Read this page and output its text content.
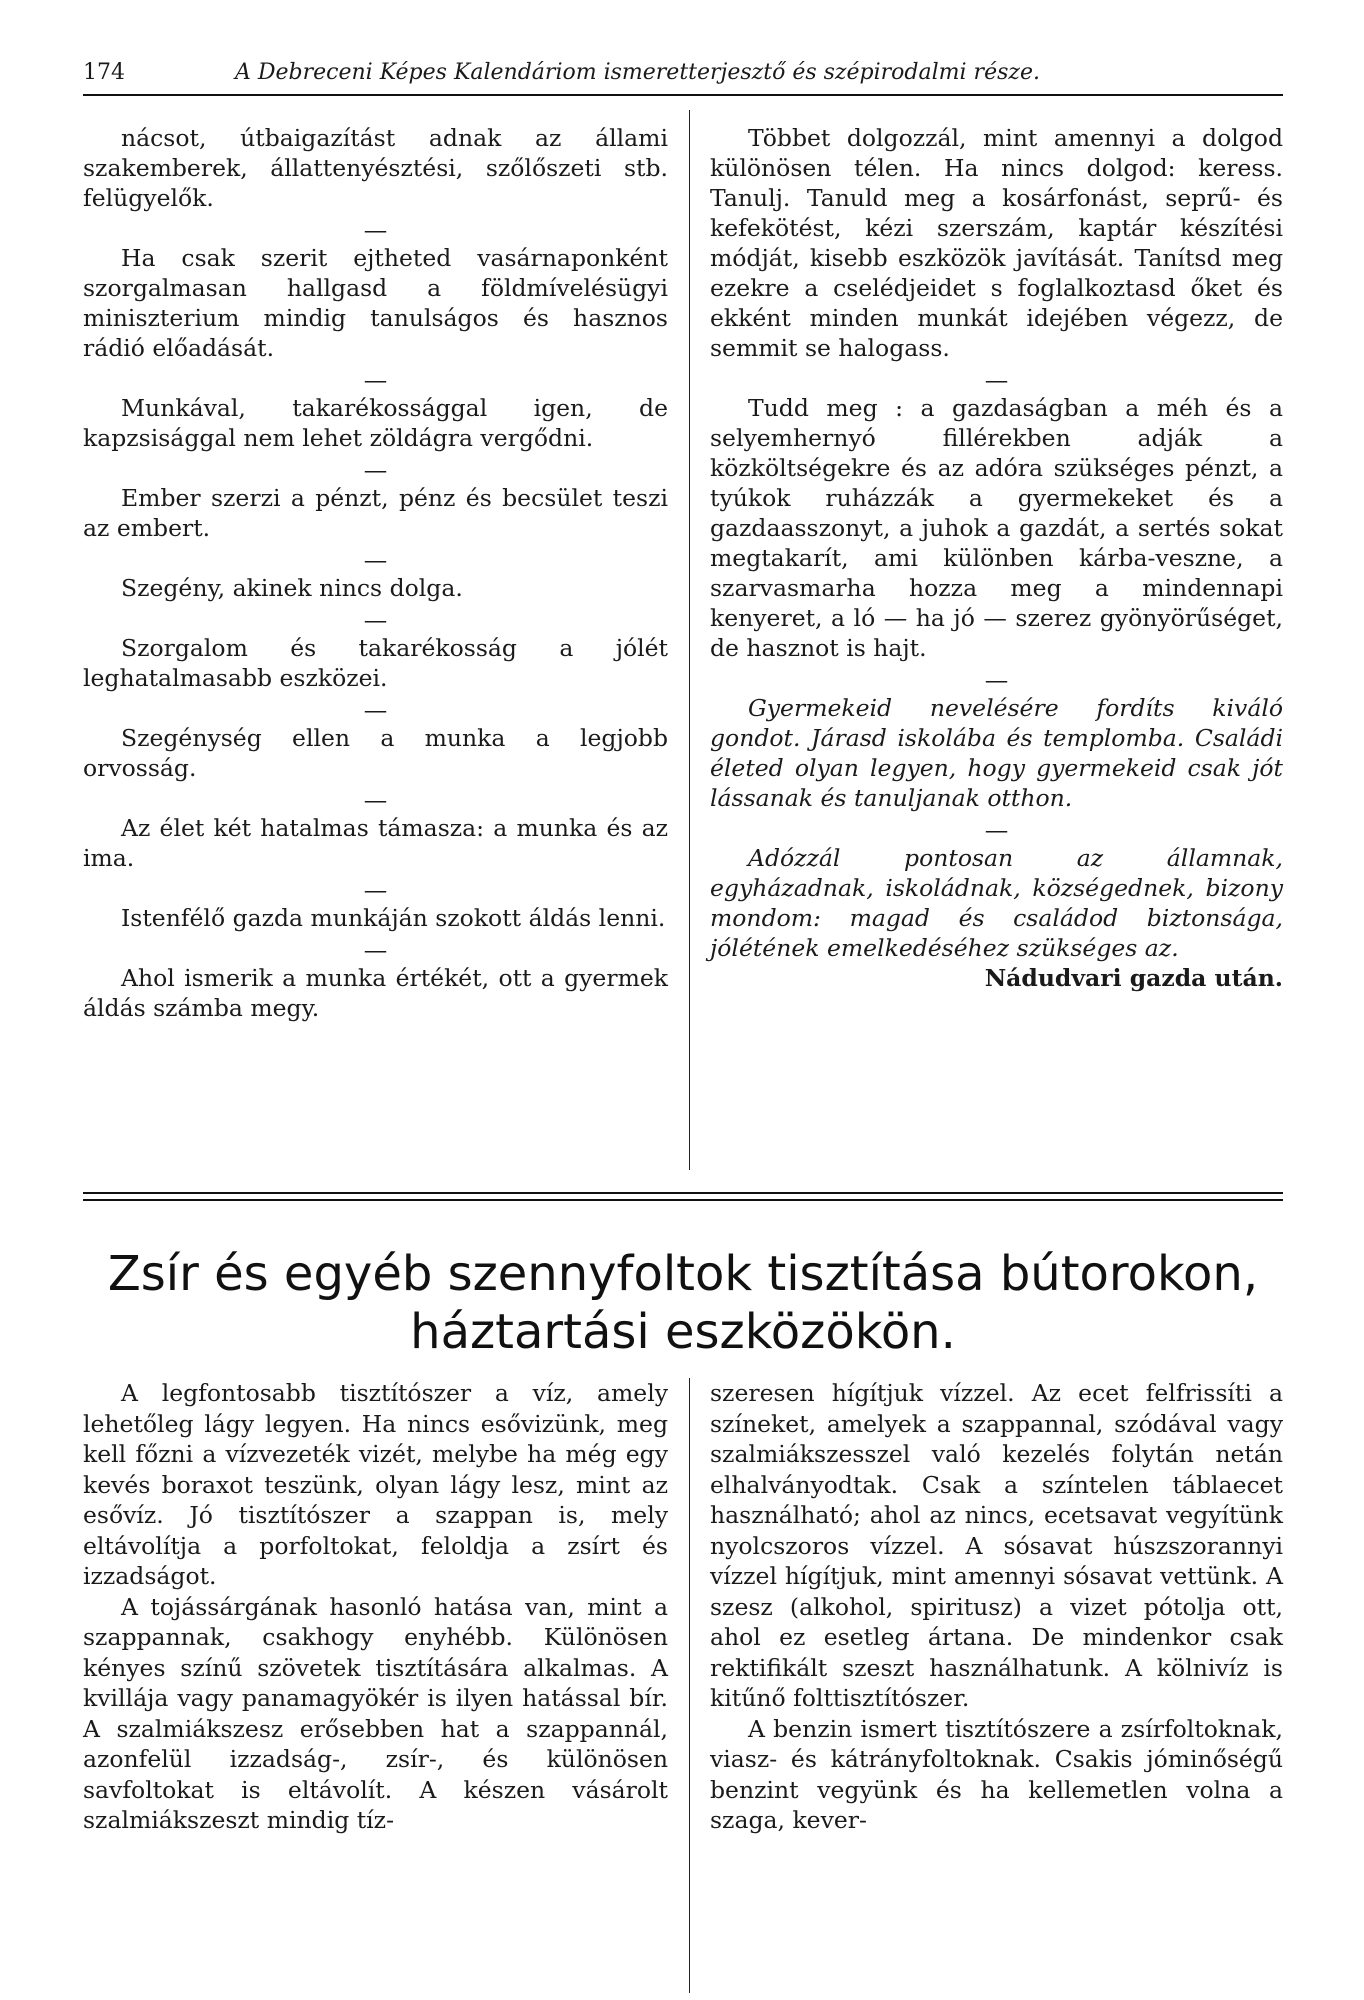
174	A Debreceni Képes Kalendáriom ismeretterjesztő és szépirodalmi része.

nácsot, útbaigazítást adnak az állami szakemberek, állattenyésztési, szőlőszeti stb. felügyelők.

—

Ha csak szerit ejtheted vasárnaponként szorgalmasan hallgasd a földmívelésügyi miniszterium mindig tanulságos és hasznos rádió előadását.

—

Munkával, takarékossággal igen, de kapzsisággal nem lehet zöldágra vergődni.

—

Ember szerzi a pénzt, pénz és becsület teszi az embert.

—

Szegény, akinek nincs dolga.

—

Szorgalom és takarékosság a jólét leghatalmasabb eszközei.

—

Szegénység ellen a munka a legjobb orvosság.

—

Az élet két hatalmas támasza: a munka és az ima.

—

Istenfélő gazda munkáján szokott áldás lenni.

—

Ahol ismerik a munka értékét, ott a gyermek áldás számba megy.

Többet dolgozzál, mint amennyi a dolgod különösen télen. Ha nincs dolgod: keress. Tanulj. Tanuld meg a kosárfonást, seprű- és kefekötést, kézi szerszám, kaptár készítési módját, kisebb eszközök javítását. Tanítsd meg ezekre a cselédjeidet s foglalkoztasd őket és ekként minden munkát idejében végezz, de semmit se halogass.

—

Tudd meg : a gazdaságban a méh és a selyemhernyó fillérekben adják a közköltségekre és az adóra szükséges pénzt, a tyúkok ruházzák a gyermekeket és a gazdaasszonyt, a juhok a gazdát, a sertés sokat megtakarít, ami különben kárba-veszne, a szarvasmarha hozza meg a mindennapi kenyeret, a ló — ha jó — szerez gyönyörűséget, de hasznot is hajt.

—

Gyermekeid nevelésére fordíts kiváló gondot. Járasd iskolába és templomba. Családi életed olyan legyen, hogy gyermekeid csak jót lássanak és tanuljanak otthon.

—

Adózzál pontosan az államnak, egyházadnak, iskoládnak, községednek, bizony mondom: magad és családod biztonsága, jólétének emelkedéséhez szükséges az.

Nádudvari gazda után.

Zsír és egyéb szennyfoltok tisztítása bútorokon,
háztartási eszközökön.

A legfontosabb tisztítószer a víz, amely lehetőleg lágy legyen. Ha nincs esővizünk, meg kell főzni a vízvezeték vizét, melybe ha még egy kevés boraxot teszünk, olyan lágy lesz, mint az esővíz. Jó tisztítószer a szappan is, mely eltávolítja a porfoltokat, feloldja a zsírt és izzadságot.

A tojássárgának hasonló hatása van, mint a szappannak, csakhogy enyhébb. Különösen kényes színű szövetek tisztítására alkalmas. A kvillája vagy panamagyökér is ilyen hatással bír. A szalmiákszesz erősebben hat a szappannál, azonfelül izzadság-, zsír-, és különösen savfoltokat is eltávolít. A készen vásárolt szalmiákszeszt mindig tíz-

szeresen hígítjuk vízzel. Az ecet felfrissíti a színeket, amelyek a szappannal, szódával vagy szalmiákszesszel való kezelés folytán netán elhalványodtak. Csak a színtelen táblaecet használható; ahol az nincs, ecetsavat vegyítünk nyolcszoros vízzel. A sósavat húszszorannyi vízzel hígítjuk, mint amennyi sósavat vettünk. A szesz (alkohol, spiritusz) a vizet pótolja ott, ahol ez esetleg ártana. De mindenkor csak rektifikált szeszt használhatunk. A kölnivíz is kitűnő folttisztítószer.

A benzin ismert tisztítószere a zsírfoltoknak, viasz- és kátrányfoltoknak. Csakis jóminőségű benzint vegyünk és ha kellemetlen volna a szaga, kever-
